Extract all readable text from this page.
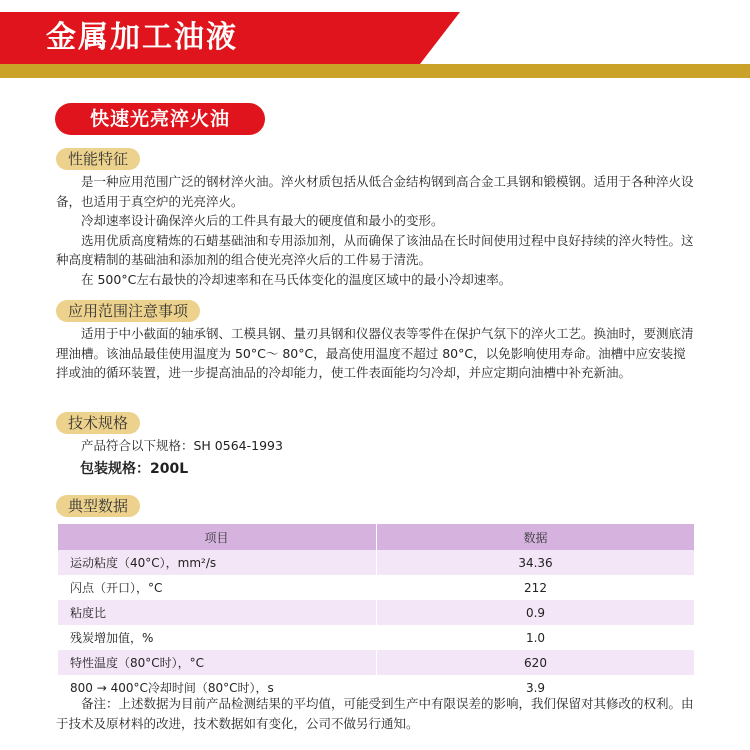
金属加工油液
快速光亮淬火油
性能特征

是一种应用范围广泛的钢材淬火油。淬火材质包括从低合金结构钢到高合金工具钢和锻模钢。适用于各种淬火设备，也适用于真空炉的光亮淬火。

冷却速率设计确保淬火后的工件具有最大的硬度值和最小的变形。

选用优质高度精炼的石蜡基础油和专用添加剂，从而确保了该油品在长时间使用过程中良好持续的淬火特性。这种高度精制的基础油和添加剂的组合使光亮淬火后的工件易于清洗。

在 500°C左右最快的冷却速率和在马氏体变化的温度区域中的最小冷却速率。

应用范围注意事项

适用于中小截面的轴承钢、工模具钢、量刃具钢和仪器仪表等零件在保护气氛下的淬火工艺。换油时，要测底清理油槽。该油品最佳使用温度为 50°C～ 80°C，最高使用温度不超过 80°C，以免影响使用寿命。油槽中应安装搅拌或油的循环装置，进一步提高油品的冷却能力，使工件表面能均匀冷却，并应定期向油槽中补充新油。

技术规格

产品符合以下规格：SH 0564-1993

包装规格：200L
典型数据
项目	数据
运动粘度（40°C），mm²/s	34.36
闪点（开口），°C	212
粘度比	0.9
残炭增加值，%	1.0
特性温度（80°C时），°C	620
800 → 400°C冷却时间（80°C时），s	3.9

备注：上述数据为目前产品检测结果的平均值，可能受到生产中有限误差的影响，我们保留对其修改的权利。由于技术及原材料的改进，技术数据如有变化，公司不做另行通知。
